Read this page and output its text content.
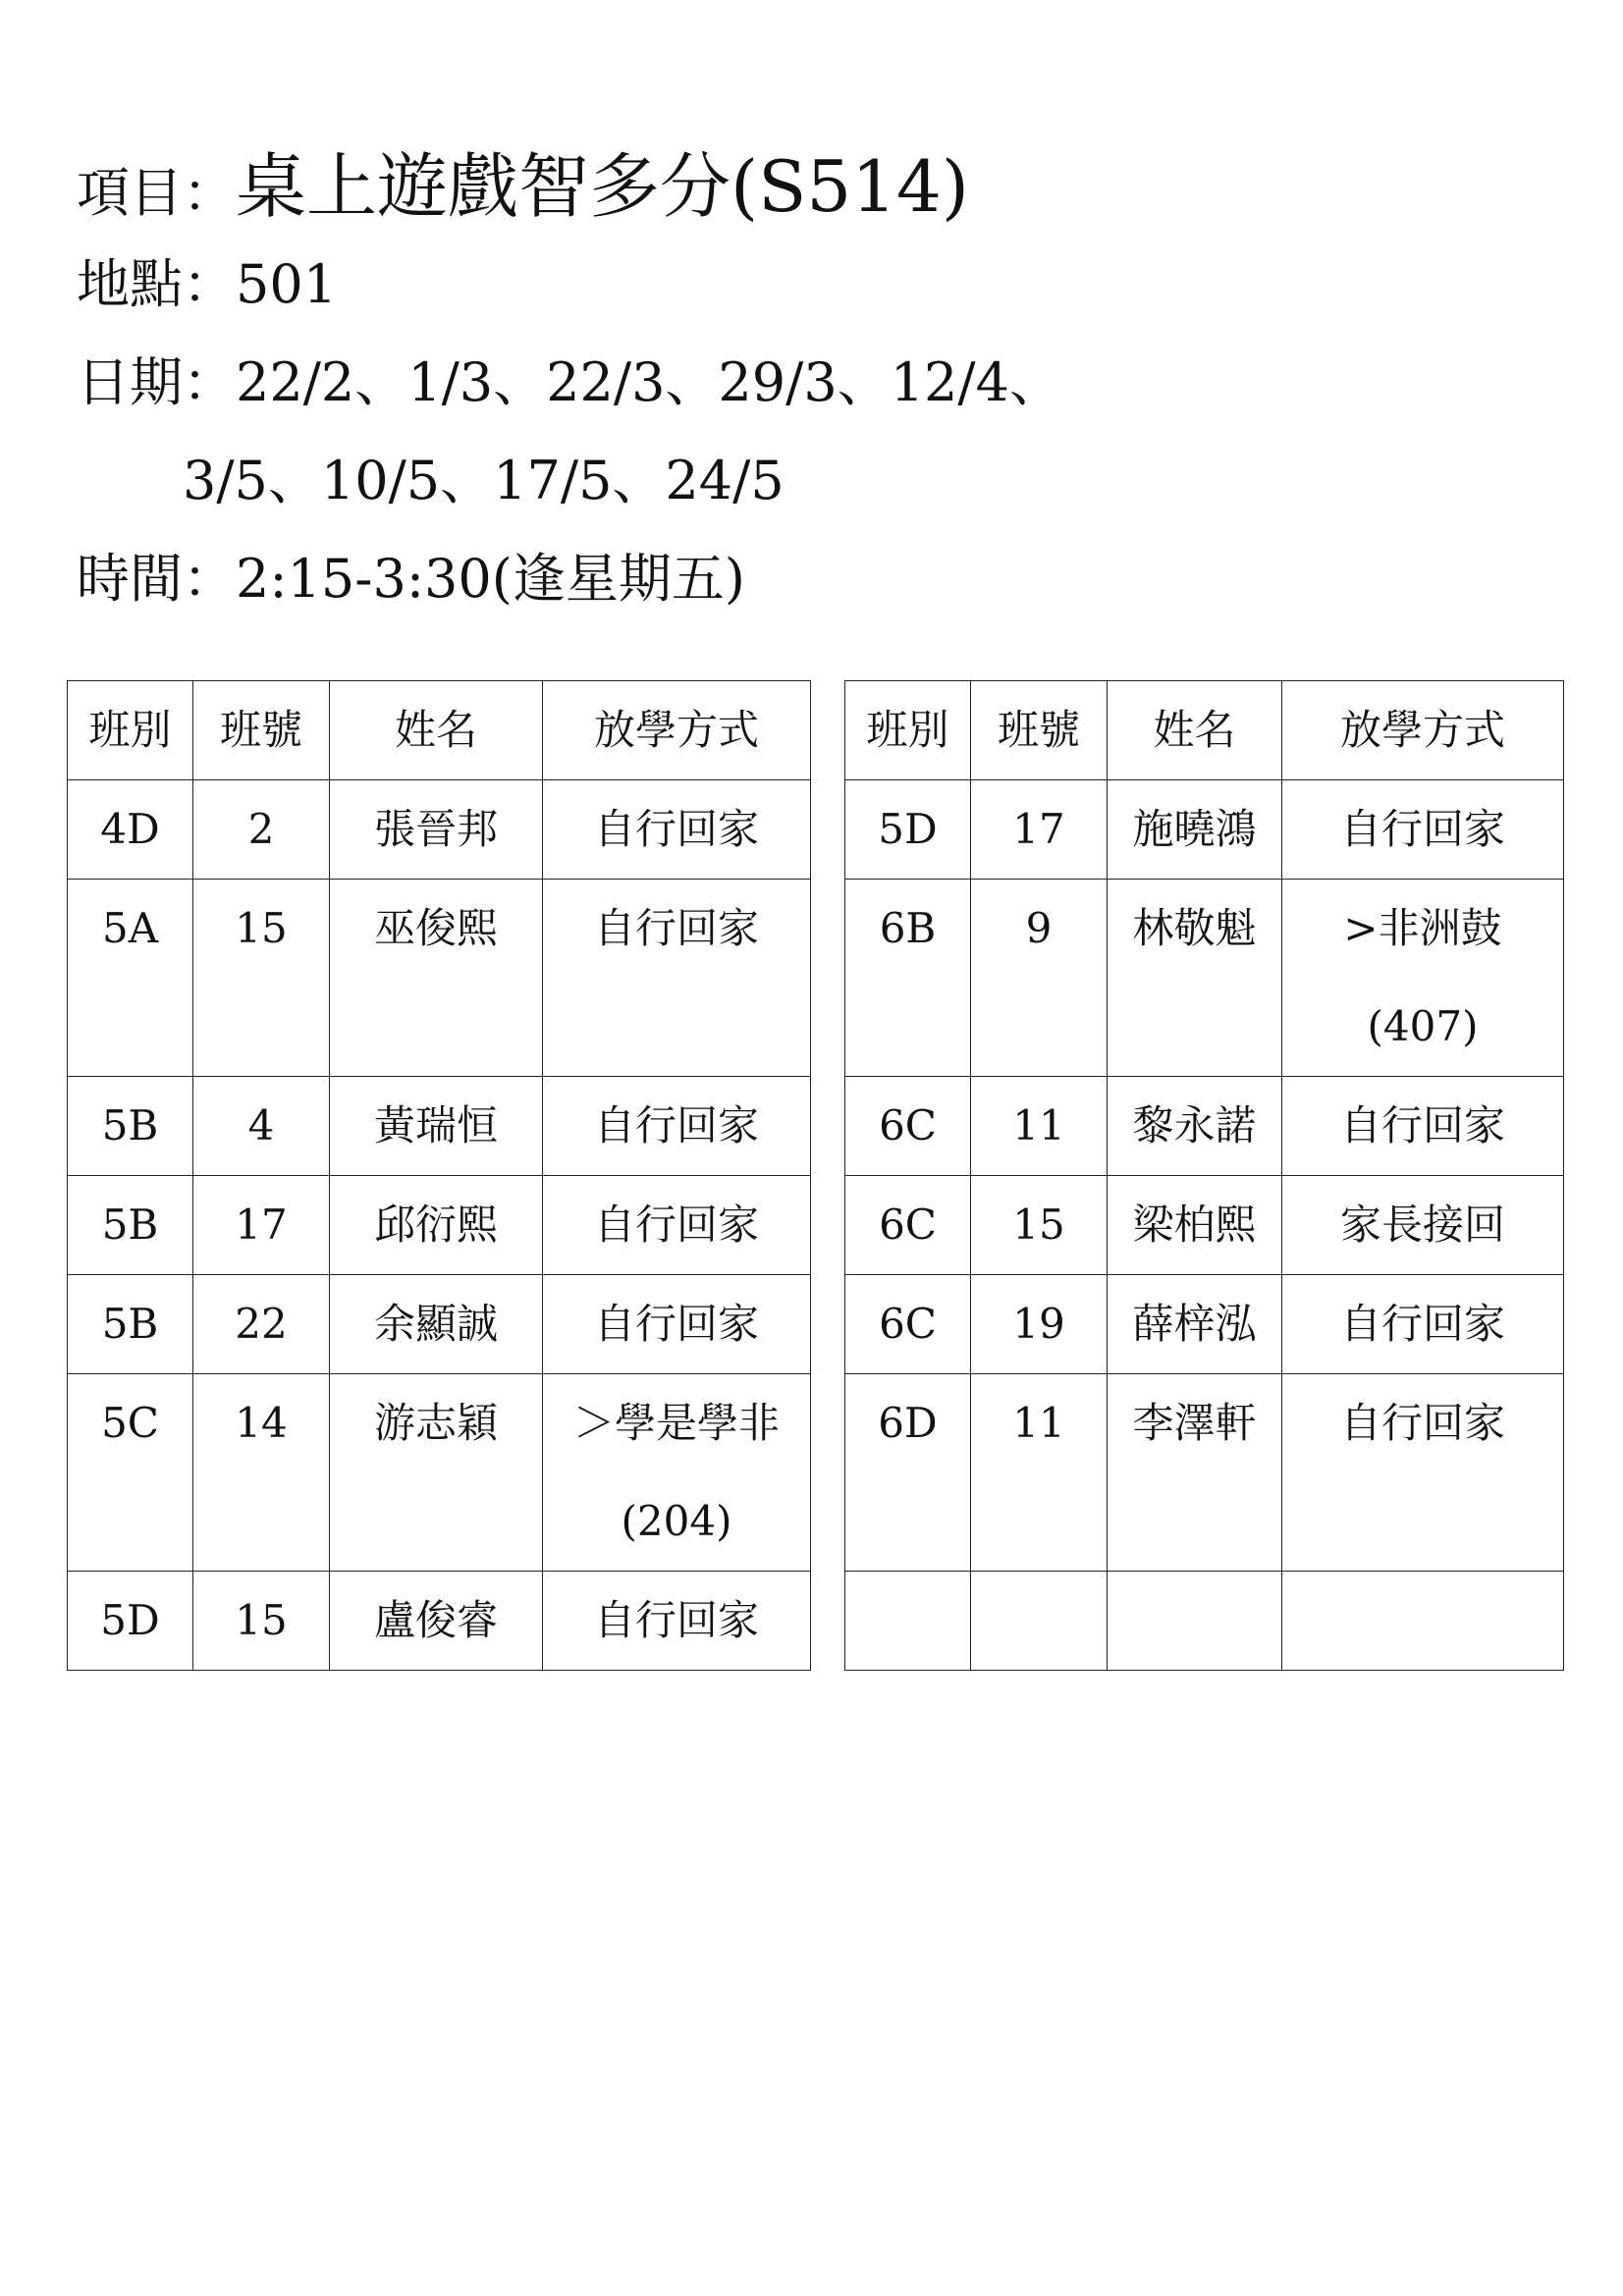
項目：桌上遊戲智多分(S514)
地點：501
日期：22/2、1/3、22/3、29/3、12/4、
3/5、10/5、17/5、24/5
時間：2:15-3:30(逢星期五)
班別	班號	姓名	放學方式
4D	2	張晉邦	自行回家
5A	15	巫俊熙	自行回家
5B	4	黃瑞恒	自行回家
5B	17	邱衍熙	自行回家
5B	22	余顯誠	自行回家
5C	14	游志穎	＞學是學非
(204)

5D	15	盧俊睿	自行回家
班別	班號	姓名	放學方式
5D	17	施曉鴻	自行回家
6B	9	林敬魁	>非洲鼓
(407)

6C	11	黎永諾	自行回家
6C	15	梁柏熙	家長接回
6C	19	薛梓泓	自行回家
6D	11	李澤軒	自行回家
